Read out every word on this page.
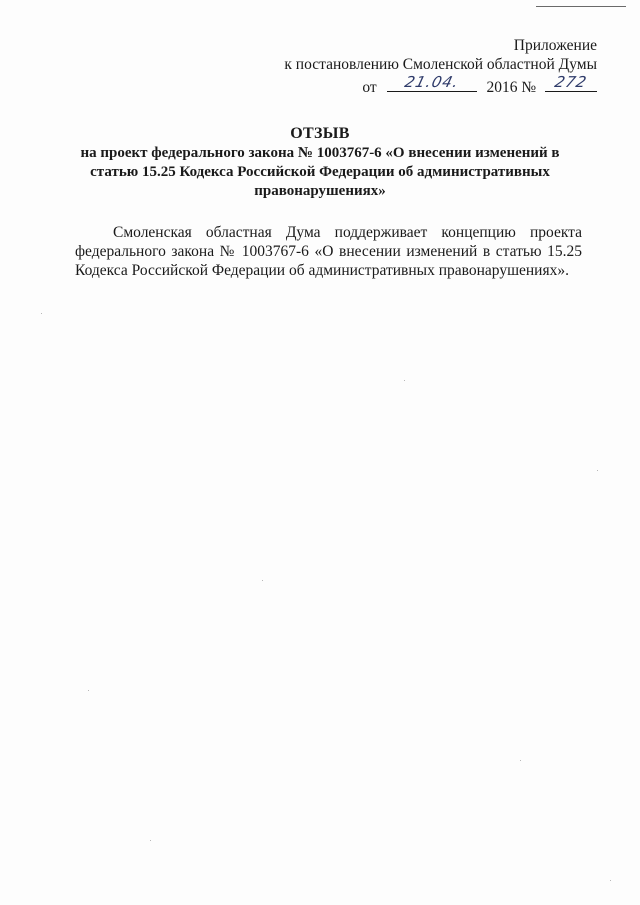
Приложение
к постановлению Смоленской областной Думы
от	21.04.	2016 №	272
ОТЗЫВ
на проект федерального закона № 1003767-6 «О внесении изменений в
статью 15.25 Кодекса Российской Федерации об административных
правонарушениях»
Смоленская областная Дума поддерживает концепцию проекта
федерального закона № 1003767-6 «О внесении изменений в статью 15.25
Кодекса Российской Федерации об административных правонарушениях».
